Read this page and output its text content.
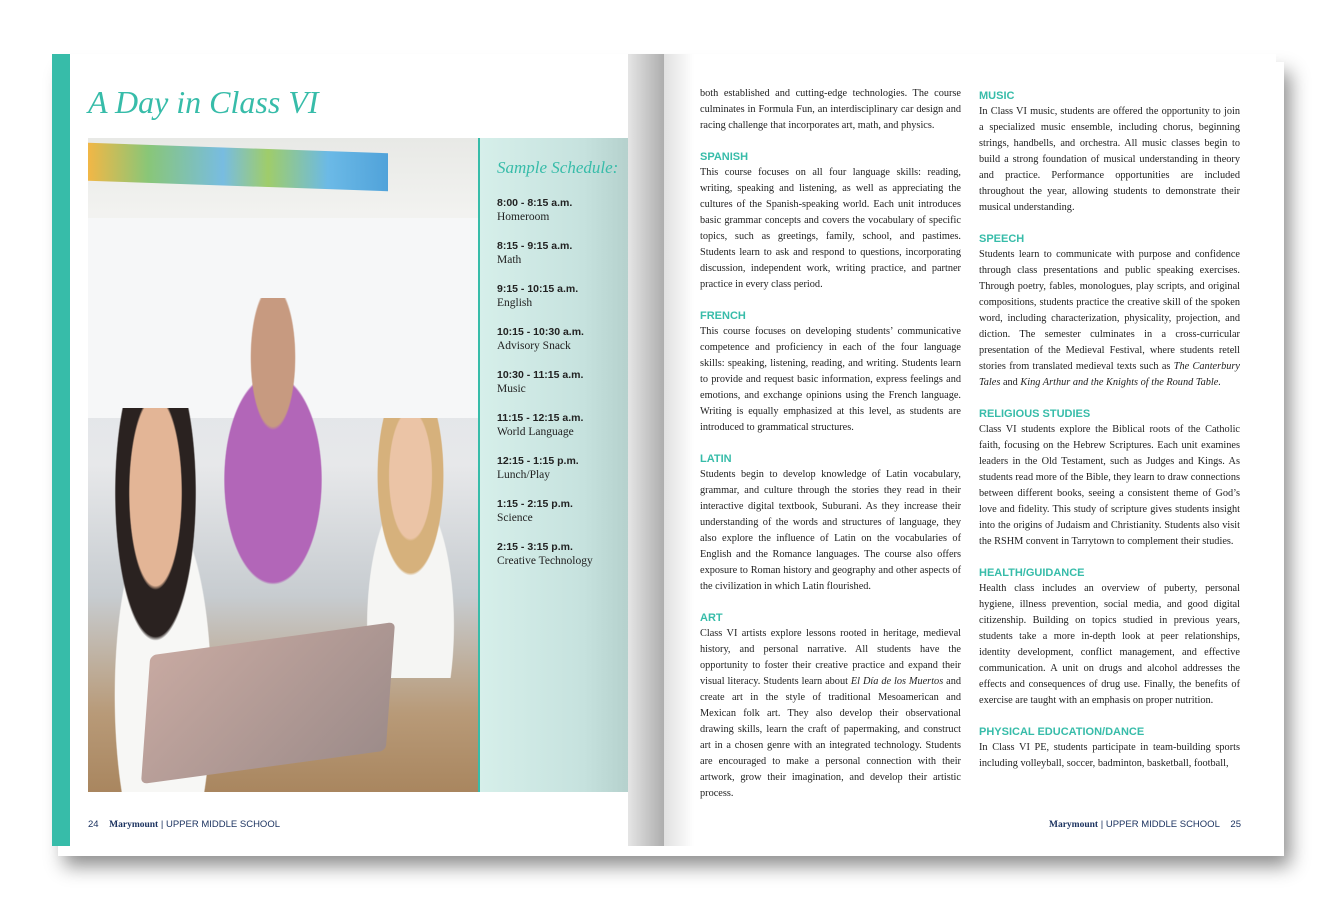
A Day in Class VI
Sample Schedule:
8:00 - 8:15 a.m.
Homeroom
8:15 - 9:15 a.m.
Math
9:15 - 10:15 a.m.
English
10:15 - 10:30 a.m.
Advisory Snack
10:30 - 11:15 a.m.
Music
11:15 - 12:15 a.m.
World Language
12:15 - 1:15 p.m.
Lunch/Play
1:15 - 2:15 p.m.
Science
2:15 - 3:15 p.m.
Creative Technology
24 Marymount | UPPER MIDDLE SCHOOL

both established and cutting-edge technologies. The course culminates in Formula Fun, an interdisciplinary car design and racing challenge that incorporates art, math, and physics.

SPANISH

This course focuses on all four language skills: reading, writing, speaking and listening, as well as appreciating the cultures of the Spanish-speaking world. Each unit introduces basic grammar concepts and covers the vocabulary of specific topics, such as greetings, family, school, and pastimes. Students learn to ask and respond to questions, incorporating discussion, independent work, writing practice, and partner practice in every class period.

FRENCH

This course focuses on developing students’ communicative competence and proficiency in each of the four language skills: speaking, listening, reading, and writing. Students learn to provide and request basic information, express feelings and emotions, and exchange opinions using the French language. Writing is equally emphasized at this level, as students are introduced to grammatical structures.

LATIN

Students begin to develop knowledge of Latin vocabulary, grammar, and culture through the stories they read in their interactive digital textbook, Suburani. As they increase their understanding of the words and structures of language, they also explore the influence of Latin on the vocabularies of English and the Romance languages. The course also offers exposure to Roman history and geography and other aspects of the civilization in which Latin flourished.

ART

Class VI artists explore lessons rooted in heritage, medieval history, and personal narrative. All students have the opportunity to foster their creative practice and expand their visual literacy. Students learn about El Día de los Muertos and create art in the style of traditional Mesoamerican and Mexican folk art. They also develop their observational drawing skills, learn the craft of papermaking, and construct art in a chosen genre with an integrated technology. Students are encouraged to make a personal connection with their artwork, grow their imagination, and develop their artistic process.

MUSIC

In Class VI music, students are offered the opportunity to join a specialized music ensemble, including chorus, beginning strings, handbells, and orchestra. All music classes begin to build a strong foundation of musical understanding in theory and practice. Performance opportunities are included throughout the year, allowing students to demonstrate their musical understanding.

SPEECH

Students learn to communicate with purpose and confidence through class presentations and public speaking exercises. Through poetry, fables, monologues, play scripts, and original compositions, students practice the creative skill of the spoken word, including characterization, physicality, projection, and diction. The semester culminates in a cross-curricular presentation of the Medieval Festival, where students retell stories from translated medieval texts such as The Canterbury Tales and King Arthur and the Knights of the Round Table.

RELIGIOUS STUDIES

Class VI students explore the Biblical roots of the Catholic faith, focusing on the Hebrew Scriptures. Each unit examines leaders in the Old Testament, such as Judges and Kings. As students read more of the Bible, they learn to draw connections between different books, seeing a consistent theme of God’s love and fidelity. This study of scripture gives students insight into the origins of Judaism and Christianity. Students also visit the RSHM convent in Tarrytown to complement their studies.

HEALTH/GUIDANCE

Health class includes an overview of puberty, personal hygiene, illness prevention, social media, and good digital citizenship. Building on topics studied in previous years, students take a more in-depth look at peer relationships, identity development, conflict management, and effective communication. A unit on drugs and alcohol addresses the effects and consequences of drug use. Finally, the benefits of exercise are taught with an emphasis on proper nutrition.

PHYSICAL EDUCATION/DANCE

In Class VI PE, students participate in team-building sports including volleyball, soccer, badminton, basketball, football,

Marymount | UPPER MIDDLE SCHOOL 25
